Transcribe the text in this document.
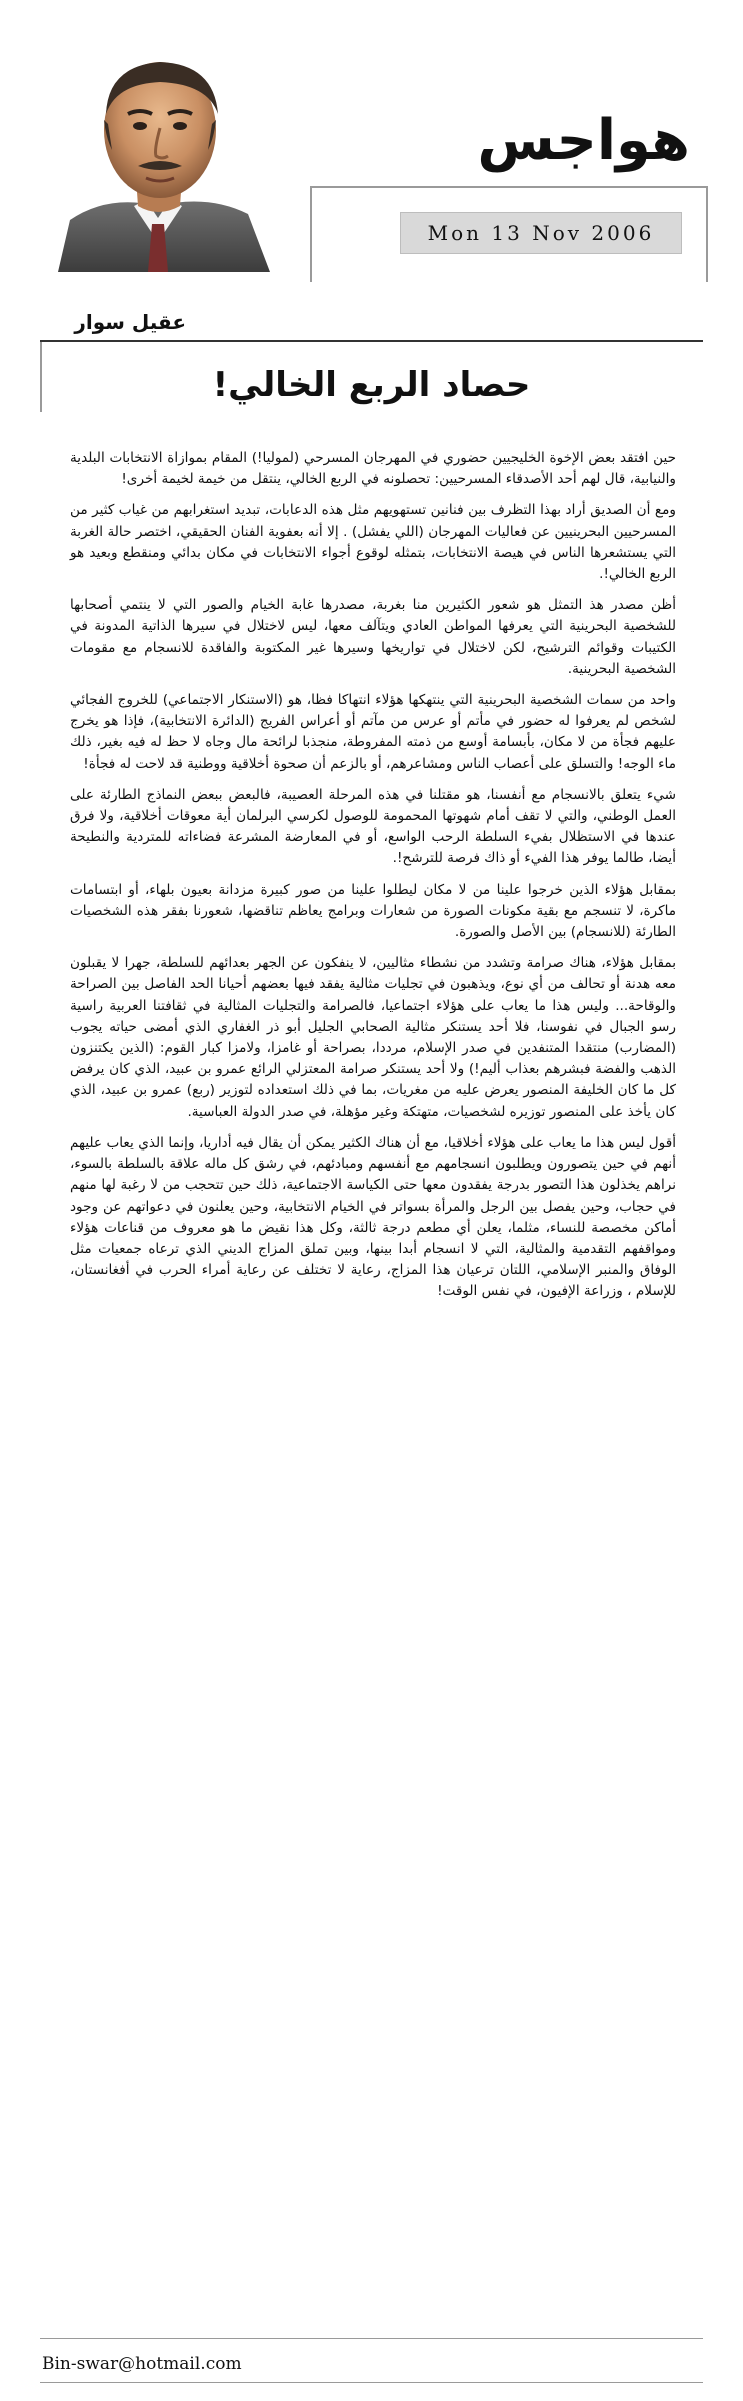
هواجس
Mon 13 Nov 2006
عقيل سوار
حصاد الربع الخالي!

حين افتقد بعض الإخوة الخليجيين حضوري في المهرجان المسرحي (لموليا!) المقام بموازاة الانتخابات البلدية والنيابية، قال لهم أحد الأصدقاء المسرحيين: تحصلونه في الربع الخالي، ينتقل من خيمة لخيمة أخرى!

ومع أن الصديق أراد بهذا التظرف بين فنانين تستهويهم مثل هذه الدعابات، تبديد استغرابهم من غياب كثير من المسرحيين البحرينيين عن فعاليات المهرجان (اللي يفشل) . إلا أنه بعفوية الفنان الحقيقي، اختصر حالة الغربة التي يستشعرها الناس في هيصة الانتخابات، بتمثله لوقوع أجواء الانتخابات في مكان بدائي ومنقطع وبعيد هو الربع الخالي!.

أظن مصدر هذ التمثل هو شعور الكثيرين منا بغربة، مصدرها غابة الخيام والصور التي لا ينتمي أصحابها للشخصية البحرينية التي يعرفها المواطن العادي ويتآلف معها، ليس لاختلال في سيرها الذاتية المدونة في الكتيبات وقوائم الترشيح، لكن لاختلال في تواريخها وسيرها غير المكتوبة والفاقدة للانسجام مع مقومات الشخصية البحرينية.

واحد من سمات الشخصية البحرينية التي ينتهكها هؤلاء انتهاكا فظا، هو (الاستنكار الاجتماعي) للخروج الفجائي لشخص لم يعرفوا له حضور في مأتم أو عرس من مآتم أو أعراس الفريج (الدائرة الانتخابية)، فإذا هو يخرج عليهم فجأة من لا مكان، بأبسامة أوسع من ذمته المفروطة، منجذبا لرائحة مال وجاه لا حظ له فيه بغير، ذلك ماء الوجه! والتسلق على أعصاب الناس ومشاعرهم، أو بالزعم أن صحوة أخلاقية ووطنية قد لاحت له فجأة!

شيء يتعلق بالانسجام مع أنفسنا، هو مقتلنا في هذه المرحلة العصيبة، فالبعض ببعض النماذج الطارئة على العمل الوطني، والتي لا تقف أمام شهوتها المحمومة للوصول لكرسي البرلمان أية معوقات أخلاقية، ولا فرق عندها في الاستظلال بفيء السلطة الرحب الواسع، أو في المعارضة المشرعة فضاءاته للمتردية والنطيحة أيضا، طالما يوفر هذا الفيء أو ذاك فرصة للترشح!.

بمقابل هؤلاء الذين خرجوا علينا من لا مكان ليطلوا علينا من صور كبيرة مزدانة بعيون بلهاء، أو ابتسامات ماكرة، لا تنسجم مع بقية مكونات الصورة من شعارات وبرامج يعاظم تناقضها، شعورنا بفقر هذه الشخصيات الطارئة (للانسجام) بين الأصل والصورة.

بمقابل هؤلاء، هناك صرامة وتشدد من نشطاء مثاليين، لا ينفكون عن الجهر بعدائهم للسلطة، جهرا لا يقبلون معه هدنة أو تحالف من أي نوع، ويذهبون في تجليات مثالية يفقد فيها بعضهم أحيانا الحد الفاصل بين الصراحة والوقاحة... وليس هذا ما يعاب على هؤلاء اجتماعيا، فالصرامة والتجليات المثالية في ثقافتنا العربية راسية رسو الجبال في نفوسنا، فلا أحد يستنكر مثالية الصحابي الجليل أبو ذر الغفاري الذي أمضى حياته يجوب (المضارب) منتقدا المتنفدين في صدر الإسلام، مرددا، بصراحة أو غامزا، ولامزا كبار القوم: (الذين يكتنزون الذهب والفضة فبشرهم بعذاب أليم!) ولا أحد يستنكر صرامة المعتزلي الرائع عمرو بن عبيد، الذي كان يرفض كل ما كان الخليفة المنصور يعرض عليه من مغريات، بما في ذلك استعداده لتوزير (ربع) عمرو بن عبيد، الذي كان يأخذ على المنصور توزيره لشخصيات، متهتكة وغير مؤهلة، في صدر الدولة العباسية.

أقول ليس هذا ما يعاب على هؤلاء أخلاقيا، مع أن هناك الكثير يمكن أن يقال فيه أداريا، وإنما الذي يعاب عليهم أنهم في حين يتصورون ويطلبون انسجامهم مع أنفسهم ومبادئهم، في رشق كل ماله علاقة بالسلطة بالسوء، نراهم يخذلون هذا التصور بدرجة يفقدون معها حتى الكياسة الاجتماعية، ذلك حين تتحجب من لا رغبة لها منهم في حجاب، وحين يفصل بين الرجل والمرأة بسواتر في الخيام الانتخابية، وحين يعلنون في دعواتهم عن وجود أماكن مخصصة للنساء، مثلما، يعلن أي مطعم درجة ثالثة، وكل هذا نقيض ما هو معروف من قناعات هؤلاء ومواقفهم التقدمية والمثالية، التي لا انسجام أبدا بينها، وبين تملق المزاج الديني الذي ترعاه جمعيات مثل الوفاق والمنبر الإسلامي، اللتان ترعيان هذا المزاج، رعاية لا تختلف عن رعاية أمراء الحرب في أفغانستان، للإسلام ، وزراعة الإفيون، في نفس الوقت!

Bin-swar@hotmail.com
